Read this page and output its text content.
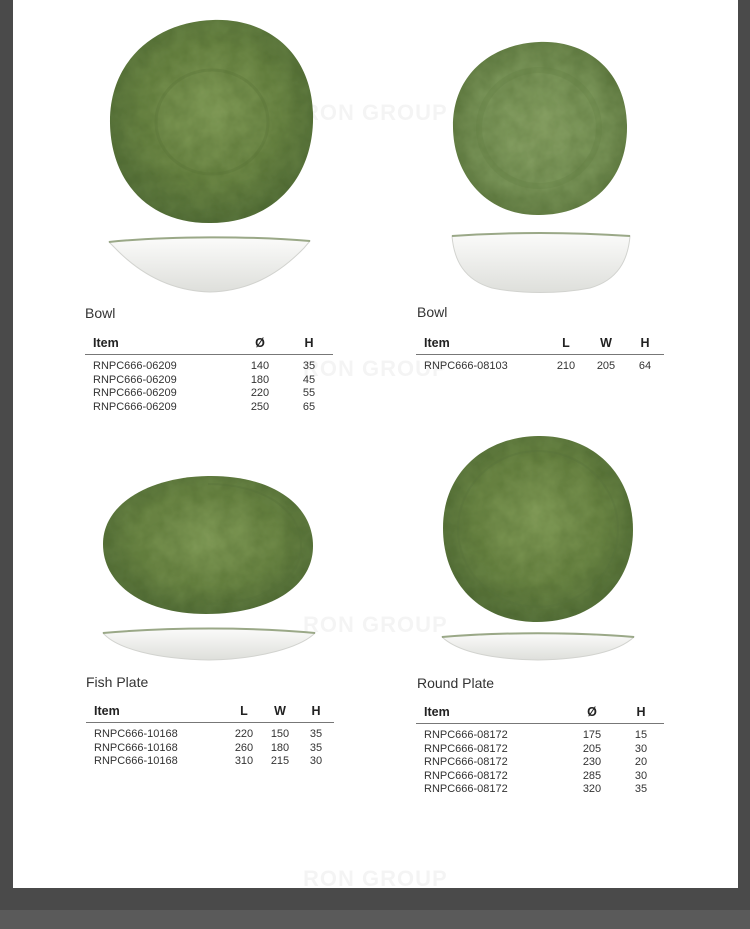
Bowl
Item	Ø	H
RNPC666-06209	140	35
RNPC666-06209	180	45
RNPC666-06209	220	55
RNPC666-06209	250	65
Bowl
Item	L	W	H
RNPC666-08103	210	205	64
Fish Plate
Item	L	W	H
RNPC666-10168	220	150	35
RNPC666-10168	260	180	35
RNPC666-10168	310	215	30
Round Plate
Item	Ø	H
RNPC666-08172	175	15
RNPC666-08172	205	30
RNPC666-08172	230	20
RNPC666-08172	285	30
RNPC666-08172	320	35
